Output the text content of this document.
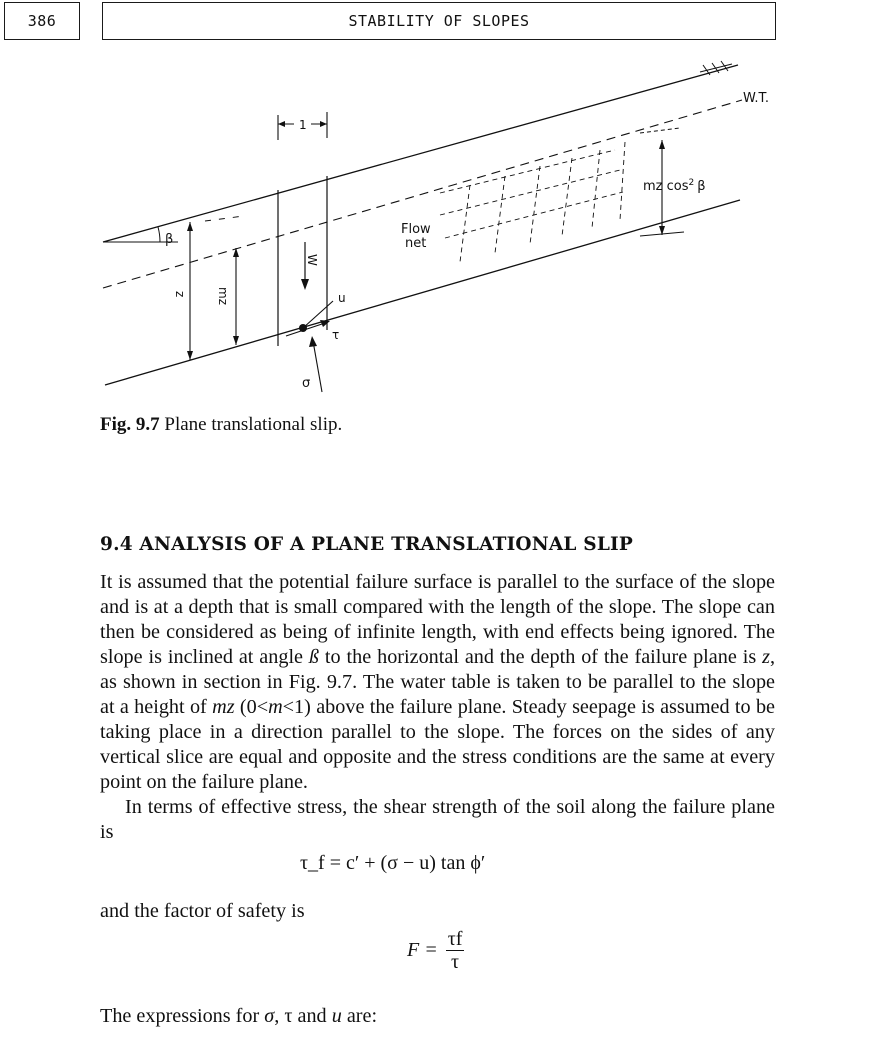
386	STABILITY OF SLOPES
1
z mz
W
u
τ
σ
β
Flow
net
mz $\cos^2 \beta$
W.T.
Fig. 9.7 Plane translational slip.
9.4 ANALYSIS OF A PLANE TRANSLATIONAL SLIP

It is assumed that the potential failure surface is parallel to the surface of the slope and is at a depth that is small compared with the length of the slope. The slope can then be considered as being of infinite length, with end effects being ignored. The slope is inclined at angle ß to the horizontal and the depth of the failure plane is z, as shown in section in Fig. 9.7. The water table is taken to be parallel to the slope at a height of mz (0<m<1) above the failure plane. Steady seepage is assumed to be taking place in a direction parallel to the slope. The forces on the sides of any vertical slice are equal and opposite and the stress conditions are the same at every point on the failure plane.

In terms of effective stress, the shear strength of the soil along the failure plane is

τ_f = c′ + (σ − u) tan ϕ′
and the factor of safety is
$F = \frac{\tau f}{\tau}$
The expressions for σ, τ and u are:
